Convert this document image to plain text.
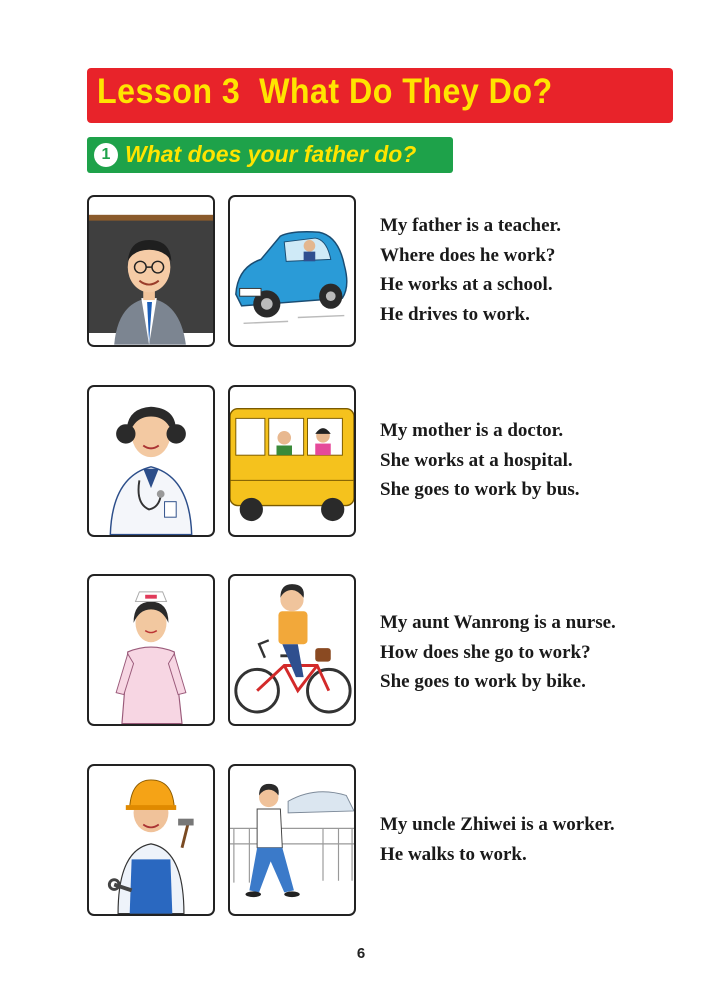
Lesson 3  What Do They Do?
1 What does your father do?
My father is a teacher.
Where does he work?
He works at a school.
He drives to work.
My mother is a doctor.
She works at a hospital.
She goes to work by bus.
My aunt Wanrong is a nurse.
How does she go to work?
She goes to work by bike.
My uncle Zhiwei is a worker.
He walks to work.
6
